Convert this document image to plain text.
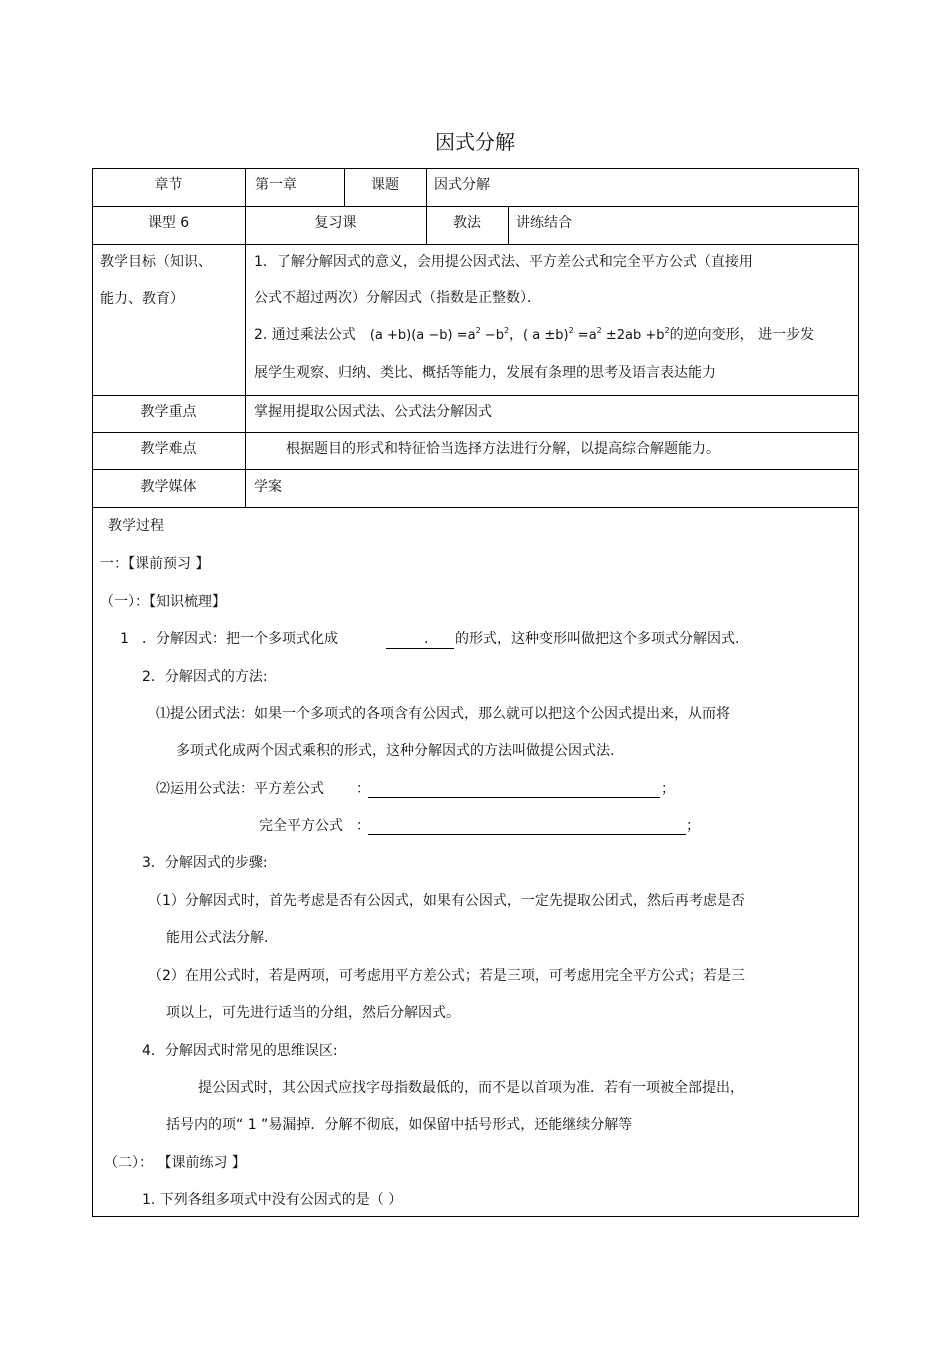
因式分解
章节	第一章	课题	因式分解
课型 6	复习课	教法	讲练结合
教学目标（知识、
能力、教育）
1．了解分解因式的意义，会用提公因式法、平方差公式和完全平方公式（直接用
公式不超过两次）分解因式（指数是正整数）．
2. 通过乘法公式 $(a +b)(a -b) =a^2 -b^2$，( $a \pm b)^2 =a^2 \pm 2ab +b^2$的逆向变形， 进一步发
展学生观察、归纳、类比、概括等能力，发展有条理的思考及语言表达能力
教学重点	掌握用提取公因式法、公式法分解因式
教学难点	根据题目的形式和特征恰当选择方法进行分解，以提高综合解题能力。
教学媒体	学案
教学过程
一：【课前预习 】
（一）：【知识梳理】
1 ．分解因式：把一个多项式化成	. 的形式，这种变形叫做把这个多项式分解因式.
2．分解因式的方法:
⑴提公团式法：如果一个多项式的各项含有公因式，那么就可以把这个公因式提出来，从而将
多项式化成两个因式乘积的形式，这种分解因式的方法叫做提公因式法.
⑵运用公式法：平方差公式 ：	；
完全平方公式 ：	；
3．分解因式的步骤:
（1）分解因式时，首先考虑是否有公因式，如果有公因式，一定先提取公团式，然后再考虑是否
能用公式法分解.
（2）在用公式时，若是两项，可考虑用平方差公式；若是三项，可考虑用完全平方公式；若是三
项以上，可先进行适当的分组，然后分解因式。
4．分解因式时常见的思维误区:
提公因式时，其公因式应找字母指数最低的，而不是以首项为准．若有一项被全部提出，
括号内的项“ 1 ”易漏掉．分解不彻底，如保留中括号形式，还能继续分解等
（二）： 【课前练习 】
1. 下列各组多项式中没有公因式的是（ ）
